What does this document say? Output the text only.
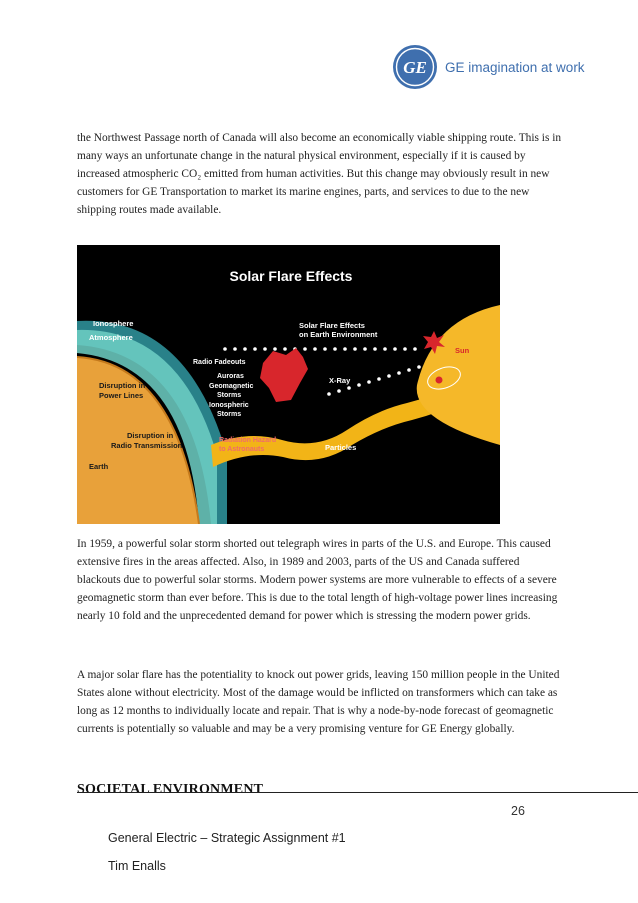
GE GE imagination at work

the Northwest Passage north of Canada will also become an economically viable shipping route. This is in many ways an unfortunate change in the natural physical environment, especially if it is caused by increased atmospheric CO₂ emitted from human activities. But this change may obviously result in new customers for GE Transportation to market its marine engines, parts, and services to due to the new shipping routes made available.

Solar Flare Effects
Ionosphere
Atmosphere
Radio Fadeouts
Auroras
Geomagnetic
Storms
Ionospheric
Storms
Disruption in
Power Lines
Disruption in
Radio Transmission
Earth
Solar Flare Effects
on Earth Environment
Sun
X-Ray
Particles
Radiation Hazard
to Astronauts

In 1959, a powerful solar storm shorted out telegraph wires in parts of the U.S. and Europe. This caused extensive fires in the areas affected. Also, in 1989 and 2003, parts of the US and Canada suffered blackouts due to powerful solar storms. Modern power systems are more vulnerable to effects of a severe geomagnetic storm than ever before. This is due to the total length of high-voltage power lines increasing nearly 10 fold and the unprecedented demand for power which is stressing the modern power grids.

A major solar flare has the potentiality to knock out power grids, leaving 150 million people in the United States alone without electricity. Most of the damage would be inflicted on transformers which can take as long as 12 months to individually locate and repair. That is why a node-by-node forecast of geomagnetic currents is potentially so valuable and may be a very promising venture for GE Energy globally.

SOCIETAL ENVIRONMENT
26
General Electric – Strategic Assignment #1
Tim Enalls
